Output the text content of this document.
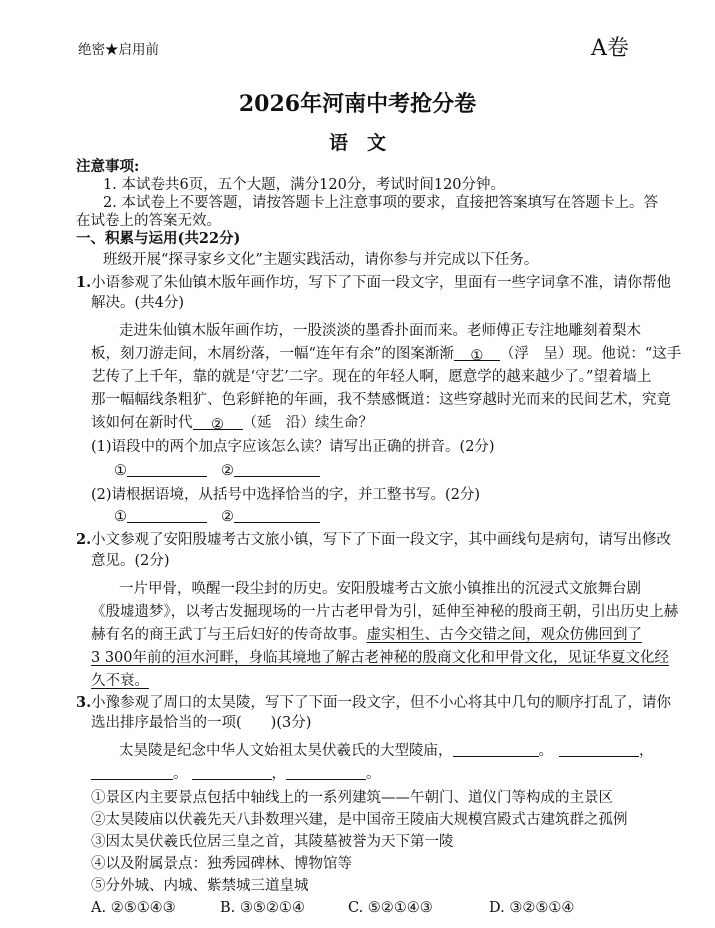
绝密★启用前	A卷
2026年河南中考抢分卷
语　文
注意事项:
1. 本试卷共6页，五个大题，满分120分，考试时间120分钟。
2. 本试卷上不要答题，请按答题卡上注意事项的要求，直接把答案填写在答题卡上。答
在试卷上的答案无效。
一、积累与运用(共22分)
班级开展“探寻家乡文化”主题实践活动，请你参与并完成以下任务。
1. 小语参观了朱仙镇木版年画作坊，写下了下面一段文字，里面有一些字词拿不准，请你帮他
解决。(共4分)
走进朱仙镇木版年画作坊，一股淡淡的墨香扑面而来。老师傅正专注地雕刻着梨木
板，刻刀游走间，木屑纷落，一幅“连年有余”的图案渐渐 ① （浮　呈）现。他说：“这手
艺传了上千年，靠的就是‘守艺’二字。现在的年轻人啊，愿意学的越来越少了。”望着墙上
那一幅幅线条粗犷、色彩鲜艳的年画，我不禁感慨道：这些穿越时光而来的民间艺术，究竟
该如何在新时代 ② （延　沿）续生命？
(1)语段中的两个加点字应该怎么读？请写出正确的拼音。(2分)
①	②
(2)请根据语境，从括号中选择恰当的字，并工整书写。(2分)
①	②
2. 小文参观了安阳殷墟考古文旅小镇，写下了下面一段文字，其中画线句是病句，请写出修改
意见。(2分)
一片甲骨，唤醒一段尘封的历史。安阳殷墟考古文旅小镇推出的沉浸式文旅舞台剧
《殷墟遗梦》，以考古发掘现场的一片古老甲骨为引，延伸至神秘的殷商王朝，引出历史上赫
赫有名的商王武丁与王后妇好的传奇故事。虚实相生、古今交错之间，观众仿佛回到了
3 300年前的洹水河畔，身临其境地了解古老神秘的殷商文化和甲骨文化，见证华夏文化经
久不衰。
3. 小豫参观了周口的太昊陵，写下了下面一段文字，但不小心将其中几句的顺序打乱了，请你
选出排序最恰当的一项(　　)(3分)
太昊陵是纪念中华人文始祖太昊伏羲氏的大型陵庙，	。	，
。	，	。
①景区内主要景点包括中轴线上的一系列建筑——午朝门、道仪门等构成的主景区
②太昊陵庙以伏羲先天八卦数理兴建，是中国帝王陵庙大规模宫殿式古建筑群之孤例
③因太昊伏羲氏位居三皇之首，其陵墓被誉为天下第一陵
④以及附属景点：独秀园碑林、博物馆等
⑤分外城、内城、紫禁城三道皇城
A. ②⑤①④③	B. ③⑤②①④	C. ⑤②①④③	D. ③②⑤①④
